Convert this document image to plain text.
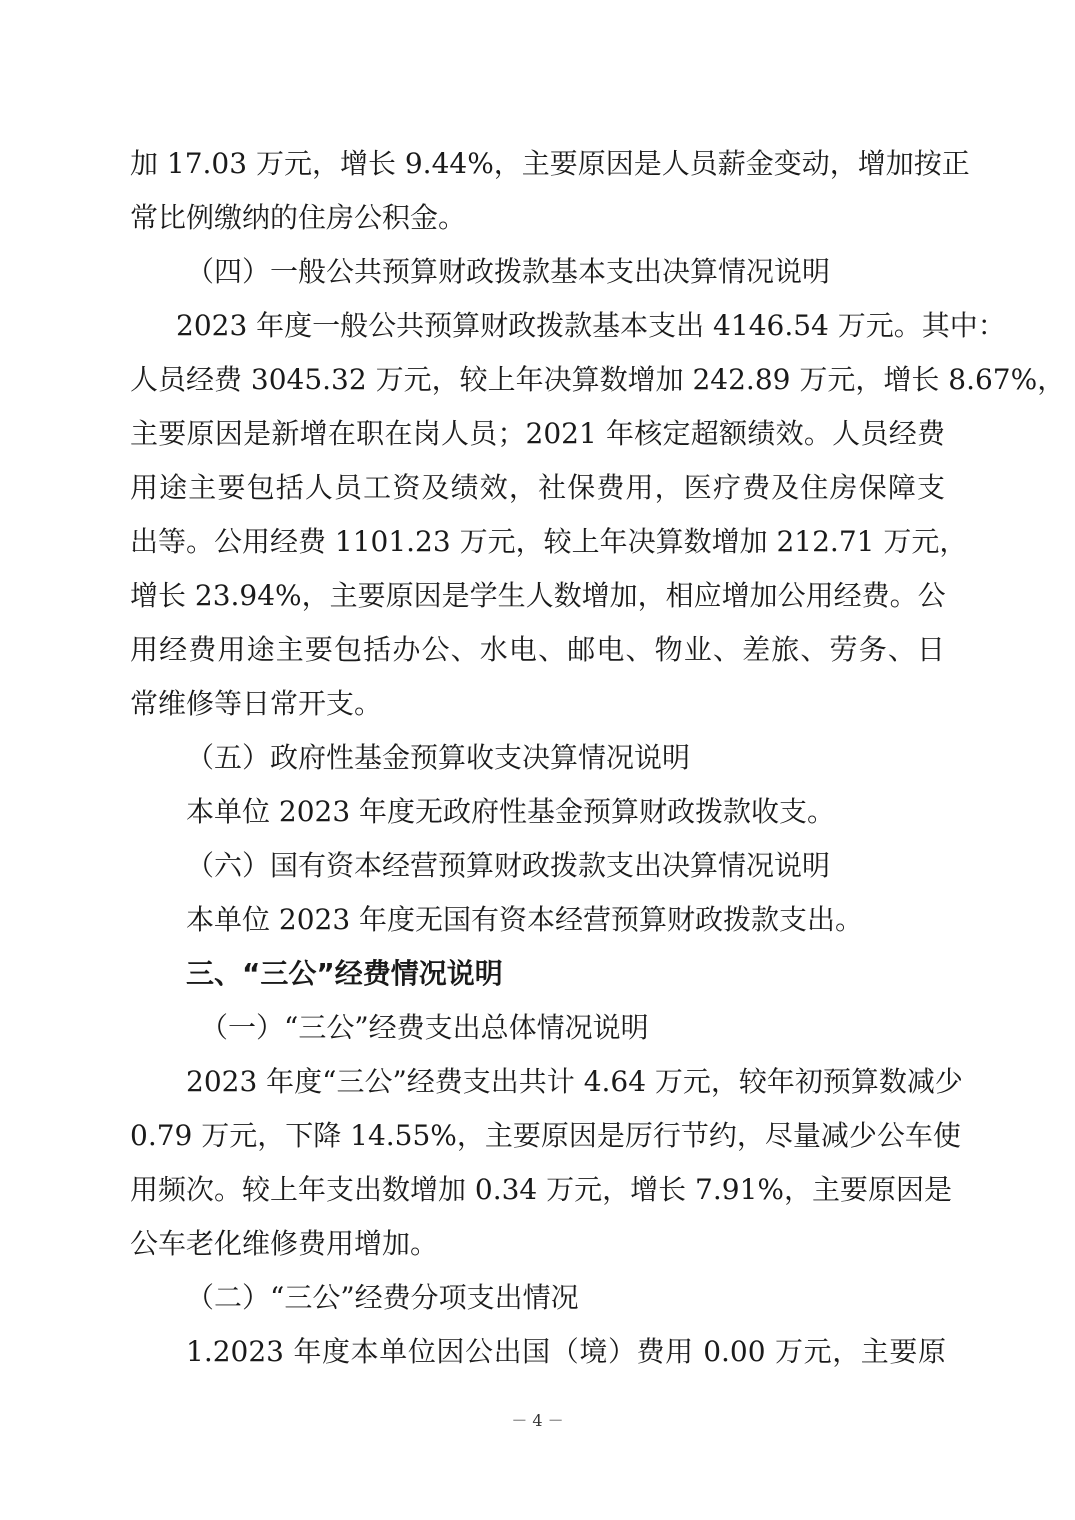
加 17.03 万元，增长 9.44%，主要原因是人员薪金变动，增加按正
常比例缴纳的住房公积金。
（四）一般公共预算财政拨款基本支出决算情况说明
2023 年度一般公共预算财政拨款基本支出 4146.54 万元。其中：
人员经费 3045.32 万元，较上年决算数增加 242.89 万元，增长 8.67%，
主要原因是新增在职在岗人员；2021 年核定超额绩效。人员经费
用途主要包括人员工资及绩效，社保费用，医疗费及住房保障支
出等。公用经费 1101.23 万元，较上年决算数增加 212.71 万元，
增长 23.94%，主要原因是学生人数增加，相应增加公用经费。公
用经费用途主要包括办公、水电、邮电、物业、差旅、劳务、日
常维修等日常开支。
（五）政府性基金预算收支决算情况说明
本单位 2023 年度无政府性基金预算财政拨款收支。
（六）国有资本经营预算财政拨款支出决算情况说明
本单位 2023 年度无国有资本经营预算财政拨款支出。
三、“三公”经费情况说明
（一）“三公”经费支出总体情况说明
2023 年度“三公”经费支出共计 4.64 万元，较年初预算数减少
0.79 万元，下降 14.55%，主要原因是厉行节约，尽量减少公车使
用频次。较上年支出数增加 0.34 万元，增长 7.91%，主要原因是
公车老化维修费用增加。
（二）“三公”经费分项支出情况
1.2023 年度本单位因公出国（境）费用 0.00 万元，主要原
－ 4 －
